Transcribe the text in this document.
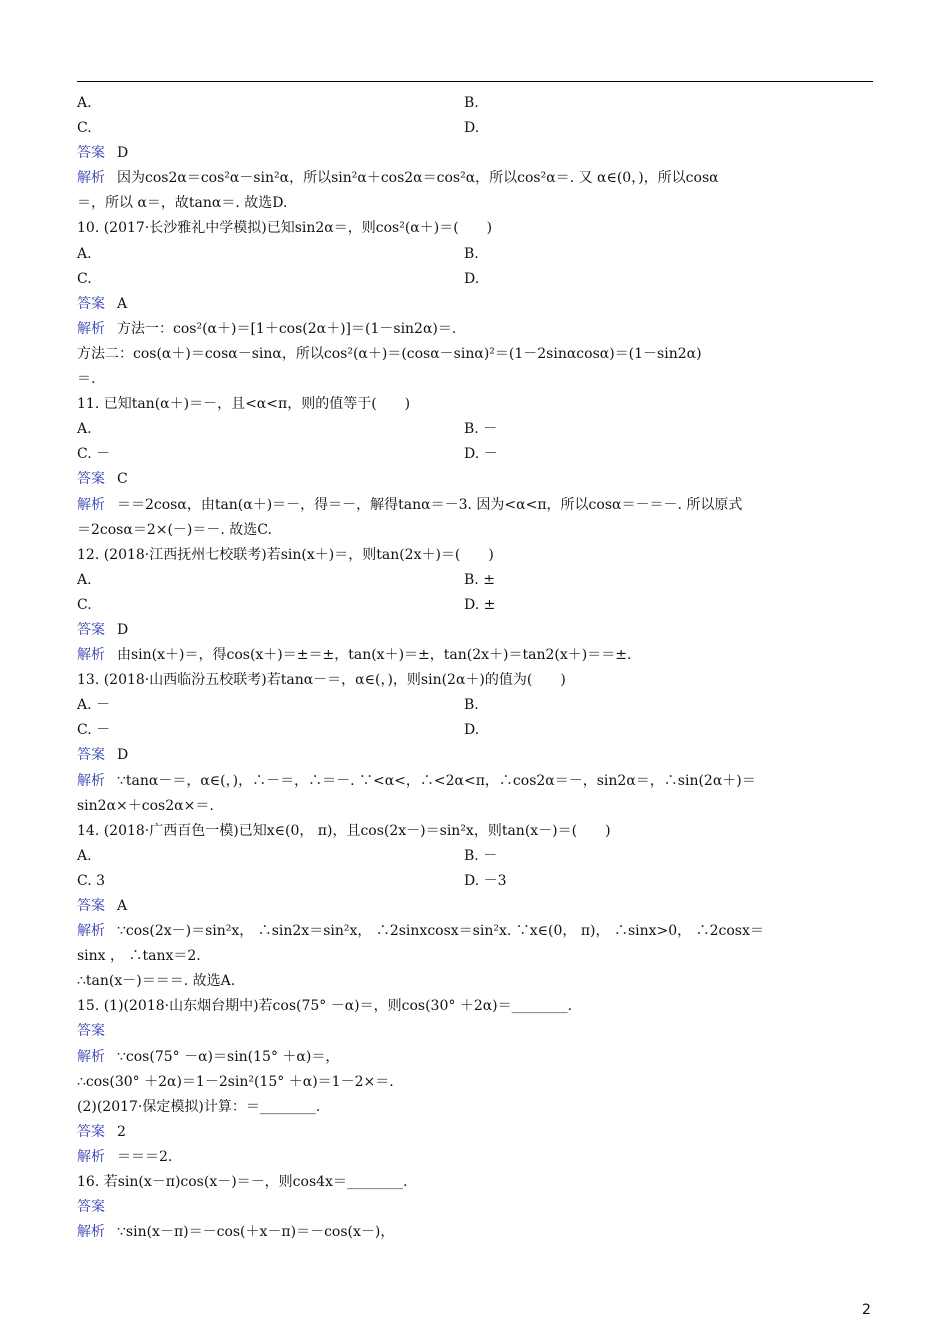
A.	B.
C.	D.
答案 D
解析 因为cos2α＝cos²α－sin²α，所以sin²α＋cos2α＝cos²α，所以cos²α＝. 又 α∈(0，)，所以cosα
＝，所以 α＝，故tanα＝. 故选D.
10. (2017·长沙雅礼中学模拟)已知sin2α＝，则cos²(α＋)＝(　　)
A.	B.
C.	D.
答案 A
解析 方法一：cos²(α＋)＝[1＋cos(2α＋)]＝(1－sin2α)＝.
方法二：cos(α＋)＝cosα－sinα，所以cos²(α＋)＝(cosα－sinα)²＝(1－2sinαcosα)＝(1－sin2α)
＝.
11. 已知tan(α＋)＝－，且<α<π，则的值等于(　　)
A.	B. －
C. －	D. －
答案 C
解析 ＝＝2cosα，由tan(α＋)＝－，得＝－，解得tanα＝－3. 因为<α<π，所以cosα＝－＝－. 所以原式
＝2cosα＝2×(－)＝－. 故选C.
12. (2018·江西抚州七校联考)若sin(x＋)＝，则tan(2x＋)＝(　　)
A.	B. ±
C.	D. ±
答案 D
解析 由sin(x＋)＝，得cos(x＋)＝±＝±，tan(x＋)＝±，tan(2x＋)＝tan2(x＋)＝＝±.
13. (2018·山西临汾五校联考)若tanα－＝，α∈(，)，则sin(2α＋)的值为(　　)
A. －	B.
C. －	D.
答案 D
解析 ∵tanα－＝，α∈(，)，∴－＝，∴＝－. ∵<α<，∴<2α<π，∴cos2α＝－，sin2α＝，∴sin(2α＋)＝
sin2α×＋cos2α×＝.
14. (2018·广西百色一模)已知x∈(0， π)，且cos(2x－)＝sin²x，则tan(x－)＝(　　)
A.	B. －
C. 3	D. －3
答案 A
解析 ∵cos(2x－)＝sin²x， ∴sin2x＝sin²x， ∴2sinxcosx＝sin²x. ∵x∈(0， π)， ∴sinx>0， ∴2cosx＝
sinx ， ∴tanx＝2.
∴tan(x－)＝＝＝. 故选A.
15. (1)(2018·山东烟台期中)若cos(75° －α)＝，则cos(30° ＋2α)＝________.
答案
解析 ∵cos(75° －α)＝sin(15° ＋α)＝，
∴cos(30° ＋2α)＝1－2sin²(15° ＋α)＝1－2×＝.
(2)(2017·保定模拟)计算：＝________.
答案 2
解析 ＝＝＝2.
16. 若sin(x－π)cos(x－)＝－，则cos4x＝________.
答案
解析 ∵sin(x－π)＝－cos(＋x－π)＝－cos(x－)，
2
